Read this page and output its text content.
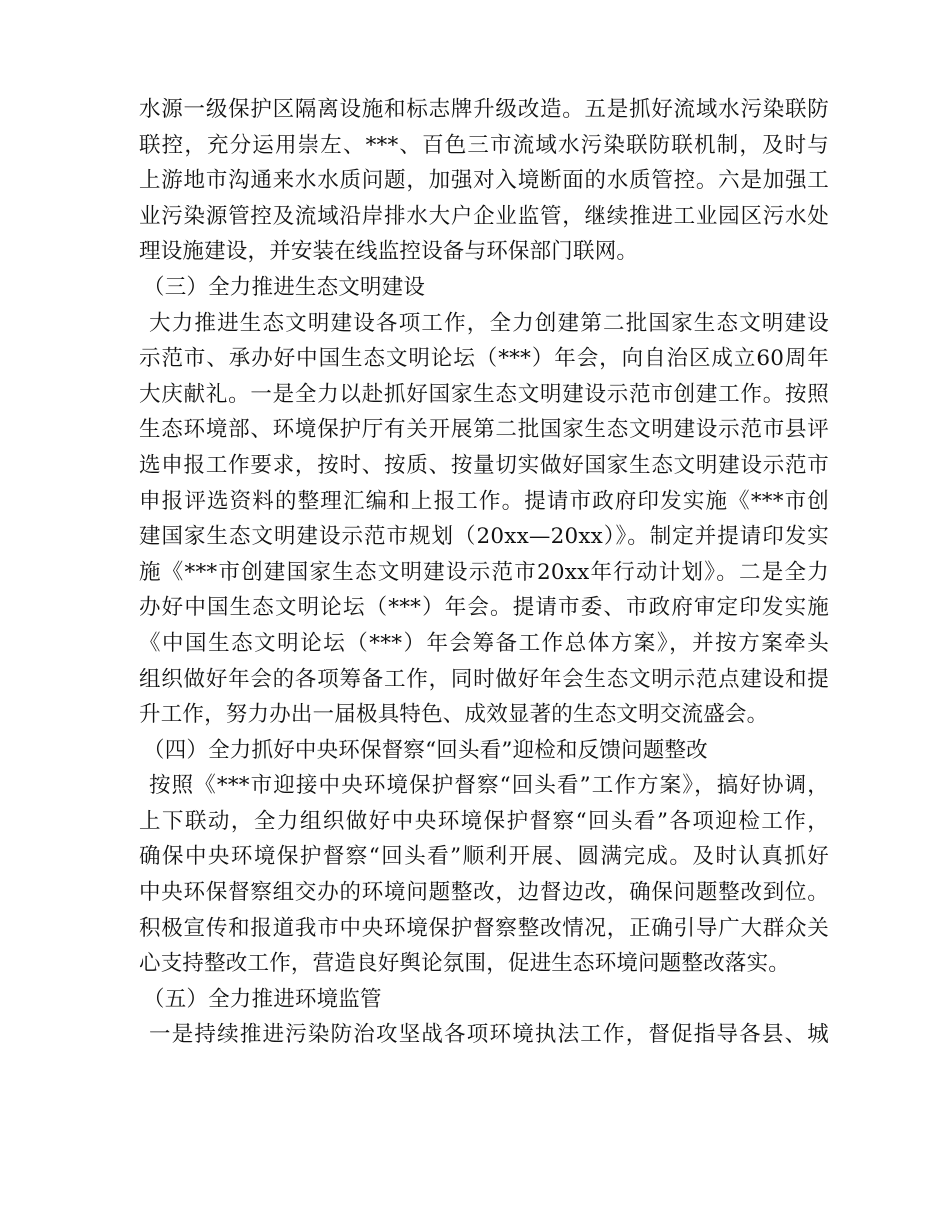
水源一级保护区隔离设施和标志牌升级改造。五是抓好流域水污染联防
联控，充分运用崇左、***、百色三市流域水污染联防联机制，及时与
上游地市沟通来水水质问题，加强对入境断面的水质管控。六是加强工
业污染源管控及流域沿岸排水大户企业监管，继续推进工业园区污水处
理设施建设，并安装在线监控设备与环保部门联网。
（三）全力推进生态文明建设
大力推进生态文明建设各项工作，全力创建第二批国家生态文明建设
示范市、承办好中国生态文明论坛（***）年会，向自治区成立60周年
大庆献礼。一是全力以赴抓好国家生态文明建设示范市创建工作。按照
生态环境部、环境保护厅有关开展第二批国家生态文明建设示范市县评
选申报工作要求，按时、按质、按量切实做好国家生态文明建设示范市
申报评选资料的整理汇编和上报工作。提请市政府印发实施《***市创
建国家生态文明建设示范市规划（20xx—20xx）》。制定并提请印发实
施《***市创建国家生态文明建设示范市20xx年行动计划》。二是全力
办好中国生态文明论坛（***）年会。提请市委、市政府审定印发实施
《中国生态文明论坛（***）年会筹备工作总体方案》，并按方案牵头
组织做好年会的各项筹备工作，同时做好年会生态文明示范点建设和提
升工作，努力办出一届极具特色、成效显著的生态文明交流盛会。
（四）全力抓好中央环保督察“回头看”迎检和反馈问题整改
按照《***市迎接中央环境保护督察“回头看”工作方案》，搞好协调，
上下联动，全力组织做好中央环境保护督察“回头看”各项迎检工作，
确保中央环境保护督察“回头看”顺利开展、圆满完成。及时认真抓好
中央环保督察组交办的环境问题整改，边督边改，确保问题整改到位。
积极宣传和报道我市中央环境保护督察整改情况，正确引导广大群众关
心支持整改工作，营造良好舆论氛围，促进生态环境问题整改落实。
（五）全力推进环境监管
一是持续推进污染防治攻坚战各项环境执法工作，督促指导各县、城
